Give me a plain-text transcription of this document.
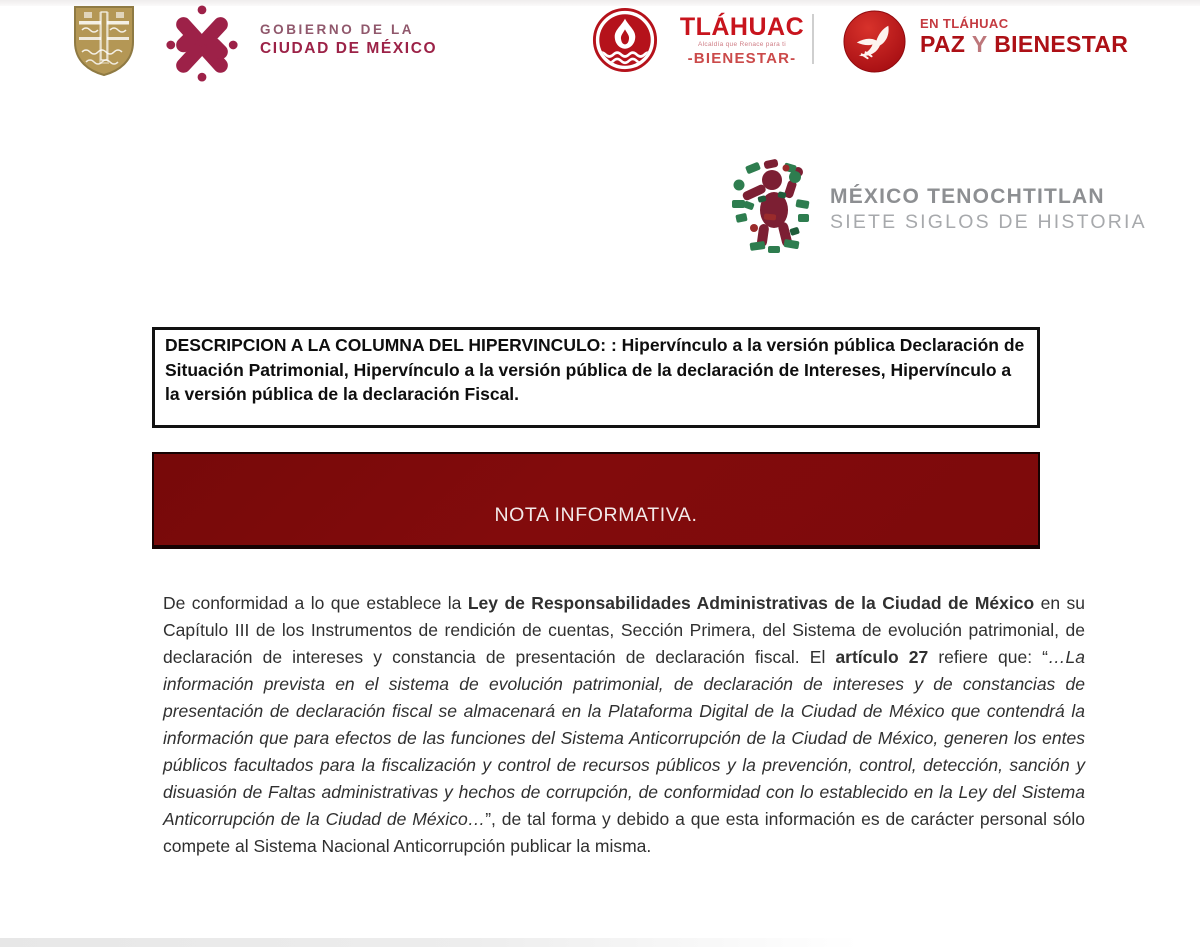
GOBIERNO DE LA
CIUDAD DE MÉXICO
TLÁHUAC
Alcaldía que Renace para ti
-BIENESTAR-
EN TLÁHUAC
PAZ Y BIENESTAR
MÉXICO TENOCHTITLAN
SIETE SIGLOS DE HISTORIA
DESCRIPCION A LA COLUMNA DEL HIPERVINCULO: : Hipervínculo a la versión pública Declaración de Situación Patrimonial, Hipervínculo a la versión pública de la declaración de Intereses, Hipervínculo a la versión pública de la declaración Fiscal.
NOTA INFORMATIVA.

De conformidad a lo que establece la Ley de Responsabilidades Administrativas de la Ciudad de México en su Capítulo III de los Instrumentos de rendición de cuentas, Sección Primera, del Sistema de evolución patrimonial, de declaración de intereses y constancia de presentación de declaración fiscal. El artículo 27 refiere que: “…La información prevista en el sistema de evolución patrimonial, de declaración de intereses y de constancias de presentación de declaración fiscal se almacenará en la Plataforma Digital de la Ciudad de México que contendrá la información que para efectos de las funciones del Sistema Anticorrupción de la Ciudad de México, generen los entes públicos facultados para la fiscalización y control de recursos públicos y la prevención, control, detección, sanción y disuasión de Faltas administrativas y hechos de corrupción, de conformidad con lo establecido en la Ley del Sistema Anticorrupción de la Ciudad de México…”, de tal forma y debido a que esta información es de carácter personal sólo compete al Sistema Nacional Anticorrupción publicar la misma.
